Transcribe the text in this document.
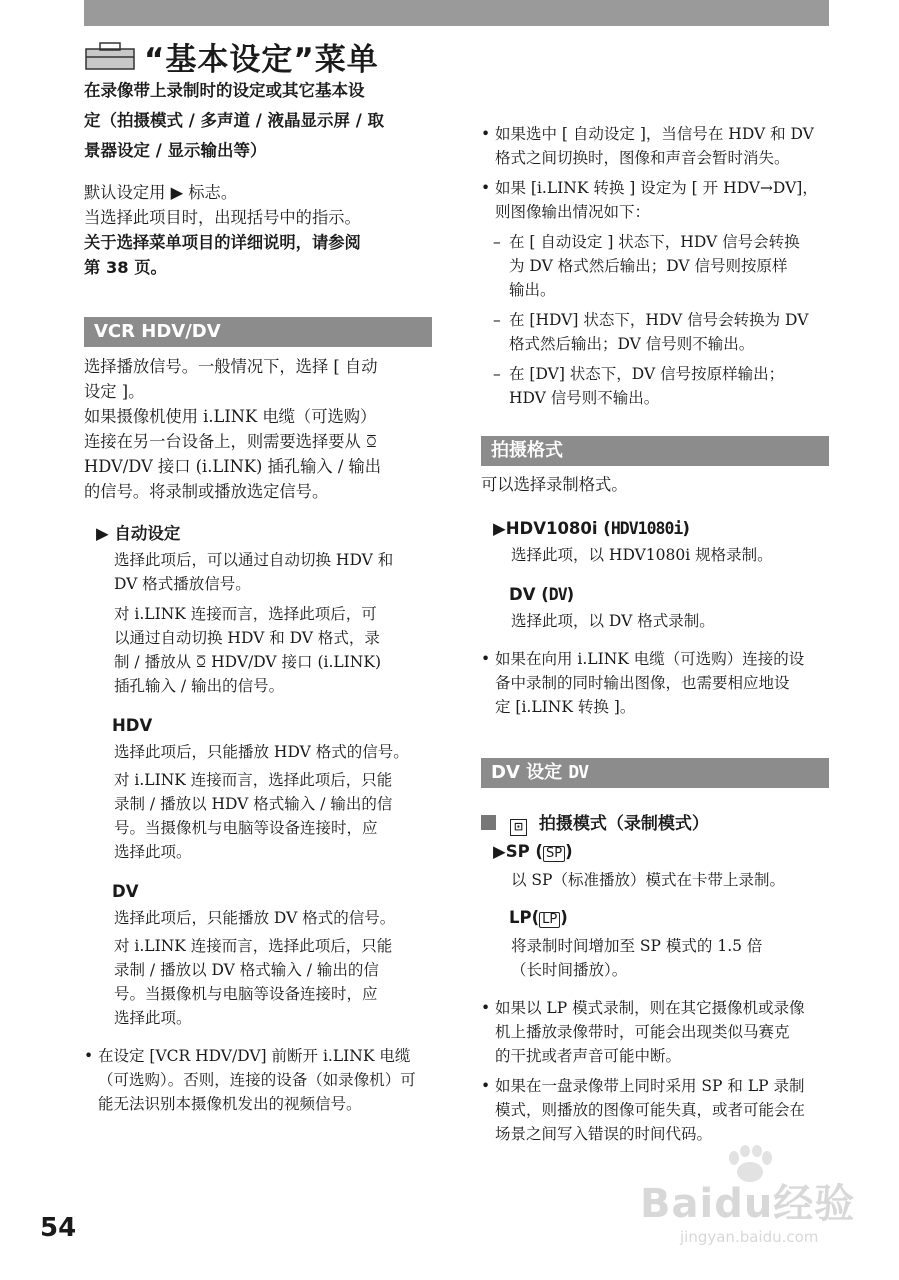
“基本设定”菜单
在录像带上录制时的设定或其它基本设
定（拍摄模式 / 多声道 / 液晶显示屏 / 取
景器设定 / 显示输出等）
默认设定用 ▶ 标志。
当选择此项目时，出现括号中的指示。
关于选择菜单项目的详细说明，请参阅
第 38 页。
VCR HDV/DV
选择播放信号。一般情况下，选择 [ 自动
设定 ]。
如果摄像机使用 i.LINK 电缆（可选购）
连接在另一台设备上，则需要选择要从 ꗞ
HDV/DV 接口 (i.LINK) 插孔输入 / 输出
的信号。将录制或播放选定信号。
▶ 自动设定
选择此项后，可以通过自动切换 HDV 和
DV 格式播放信号。
对 i.LINK 连接而言，选择此项后，可
以通过自动切换 HDV 和 DV 格式，录
制 / 播放从 ꗞ HDV/DV 接口 (i.LINK)
插孔输入 / 输出的信号。
HDV
选择此项后，只能播放 HDV 格式的信号。
对 i.LINK 连接而言，选择此项后，只能
录制 / 播放以 HDV 格式输入 / 输出的信
号。当摄像机与电脑等设备连接时，应
选择此项。
DV
选择此项后，只能播放 DV 格式的信号。
对 i.LINK 连接而言，选择此项后，只能
录制 / 播放以 DV 格式输入 / 输出的信
号。当摄像机与电脑等设备连接时，应
选择此项。
• 在设定 [VCR HDV/DV] 前断开 i.LINK 电缆
（可选购）。否则，连接的设备（如录像机）可
能无法识别本摄像机发出的视频信号。
• 如果选中 [ 自动设定 ]，当信号在 HDV 和 DV
格式之间切换时，图像和声音会暂时消失。
• 如果 [i.LINK 转换 ] 设定为 [ 开 HDV→DV]，
则图像输出情况如下：
– 在 [ 自动设定 ] 状态下，HDV 信号会转换
为 DV 格式然后输出；DV 信号则按原样
输出。
– 在 [HDV] 状态下，HDV 信号会转换为 DV
格式然后输出；DV 信号则不输出。
– 在 [DV] 状态下，DV 信号按原样输出；
HDV 信号则不输出。
拍摄格式
可以选择录制格式。
▶HDV1080i (HDV1080i)
选择此项，以 HDV1080i 规格录制。
DV (DV)
选择此项，以 DV 格式录制。
• 如果在向用 i.LINK 电缆（可选购）连接的设
备中录制的同时输出图像，也需要相应地设
定 [i.LINK 转换 ]。
DV 设定 DV
⊡ 拍摄模式（录制模式）
▶SP ( SP )
以 SP（标准播放）模式在卡带上录制。
LP( LP )
将录制时间增加至 SP 模式的 1.5 倍
（长时间播放）。
• 如果以 LP 模式录制，则在其它摄像机或录像
机上播放录像带时，可能会出现类似马赛克
的干扰或者声音可能中断。
• 如果在一盘录像带上同时采用 SP 和 LP 录制
模式，则播放的图像可能失真，或者可能会在
场景之间写入错误的时间代码。
Baidu经验
jingyan.baidu.com
54
